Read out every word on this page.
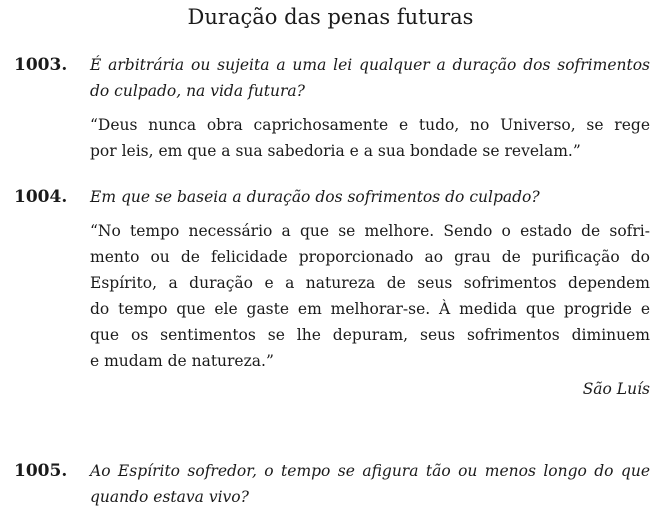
Duração das penas futuras
1003. É arbitrária ou sujeita a uma lei qualquer a duração dos sofrimentos
do culpado, na vida futura?
“Deus nunca obra caprichosamente e tudo, no Universo, se rege
por leis, em que a sua sabedoria e a sua bondade se revelam.”
1004. Em que se baseia a duração dos sofrimentos do culpado?
“No tempo necessário a que se melhore. Sendo o estado de sofri-
mento ou de felicidade proporcionado ao grau de purificação do
Espírito, a duração e a natureza de seus sofrimentos dependem
do tempo que ele gaste em melhorar-se. À medida que progride e
que os sentimentos se lhe depuram, seus sofrimentos diminuem
e mudam de natureza.”
São Luís
1005. Ao Espírito sofredor, o tempo se afigura tão ou menos longo do que
quando estava vivo?
